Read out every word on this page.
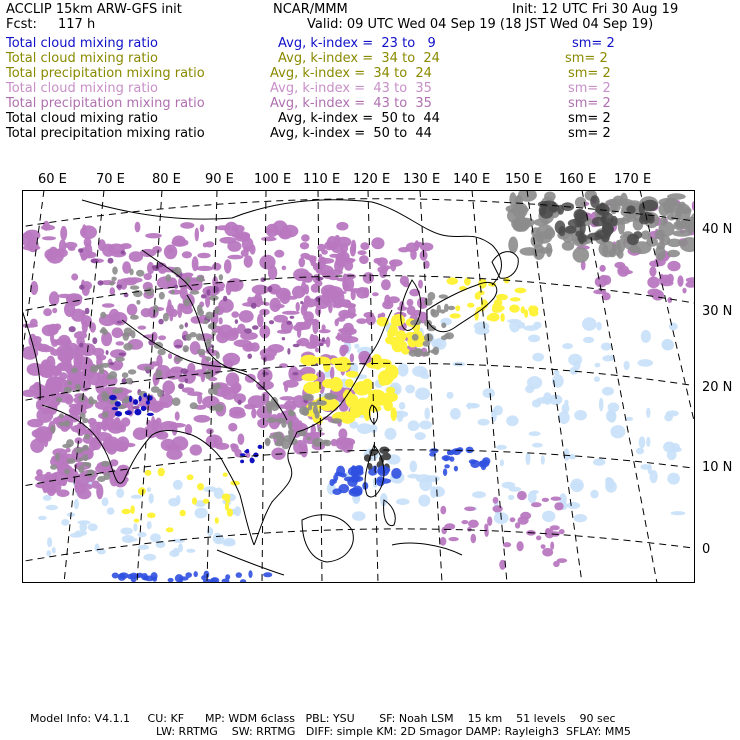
ACCLIP 15km ARW-GFS init	NCAR/MMM	Init: 12 UTC Fri 30 Aug 19
Fcst: 117 h	Valid: 09 UTC Wed 04 Sep 19 (18 JST Wed 04 Sep 19)
Total cloud mixing ratio	Avg, k-index =  23 to   9	sm= 2
Total cloud mixing ratio	Avg, k-index =  34 to  24	sm= 2
Total precipitation mixing ratio	Avg, k-index =  34 to  24	sm= 2
Total cloud mixing ratio	Avg, k-index =  43 to  35	sm= 2
Total precipitation mixing ratio	Avg, k-index =  43 to  35	sm= 2
Total cloud mixing ratio	Avg, k-index =  50 to  44	sm= 2
Total precipitation mixing ratio	Avg, k-index =  50 to  44	sm= 2
60 E 70 E 80 E 90 E 100 E 110 E 120 E 130 E 140 E 150 E 160 E 170 E
40 N
30 N
20 N
10 N
0
Model Info: V4.1.1     CU: KF      MP: WDM 6class   PBL: YSU       SF: Noah LSM    15 km    51 levels    90 sec
LW: RRTMG    SW: RRTMG   DIFF: simple KM: 2D Smagor DAMP: Rayleigh3  SFLAY: MM5
